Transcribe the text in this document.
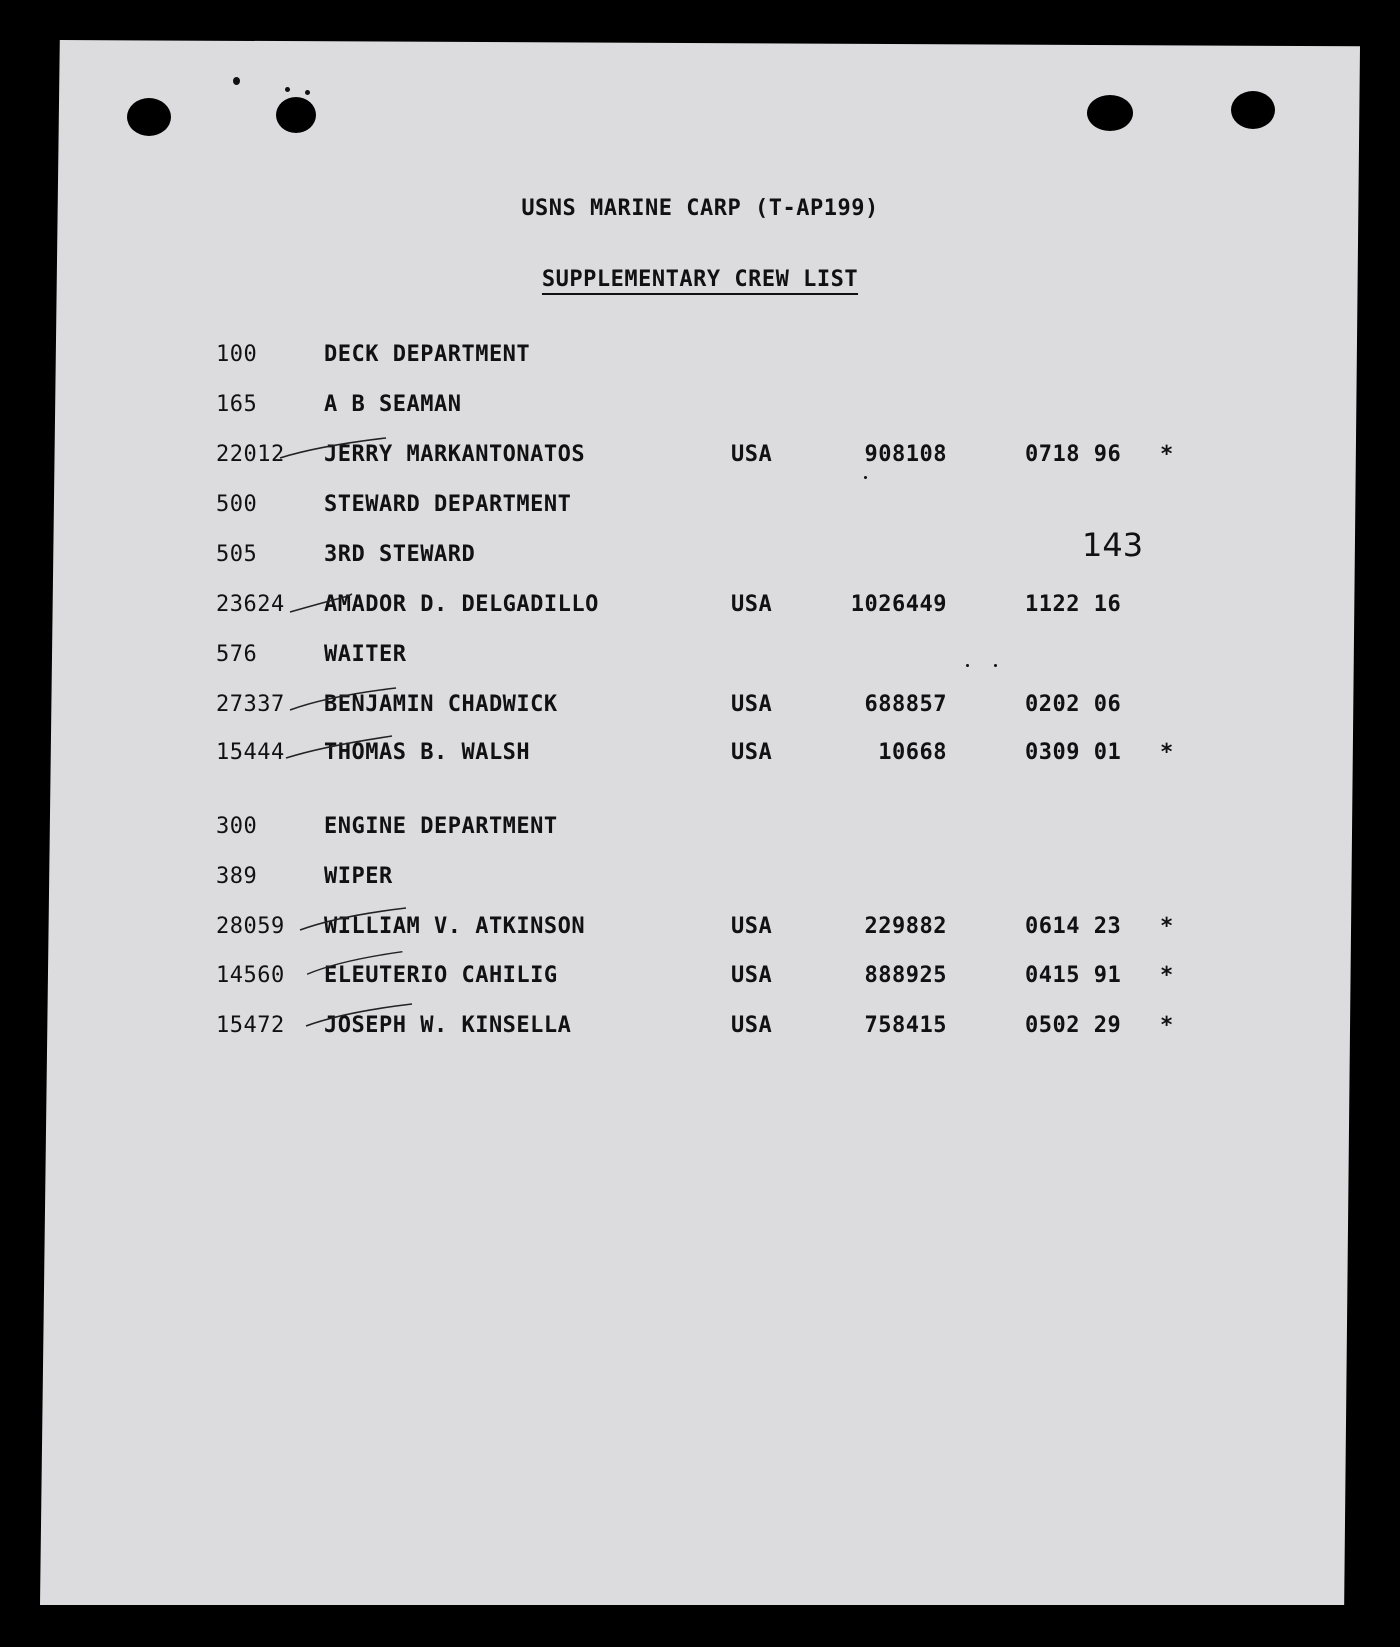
USNS MARINE CARP (T-AP199)
SUPPLEMENTARY CREW LIST
143
100	DECK DEPARTMENT
165	A B SEAMAN
22012 JERRY MARKANTONATOS	USA	908108	0718 96 *
500	STEWARD DEPARTMENT
505	3RD STEWARD
23624 AMADOR D. DELGADILLO	USA	1026449	1122 16
576	WAITER
27337 BENJAMIN CHADWICK	USA	688857	0202 06
15444 THOMAS B. WALSH	USA	10668	0309 01 *
300	ENGINE DEPARTMENT
389	WIPER
28059 WILLIAM V. ATKINSON	USA	229882	0614 23 *
14560 ELEUTERIO CAHILIG	USA	888925	0415 91 *
15472 JOSEPH W. KINSELLA	USA	758415	0502 29 *
